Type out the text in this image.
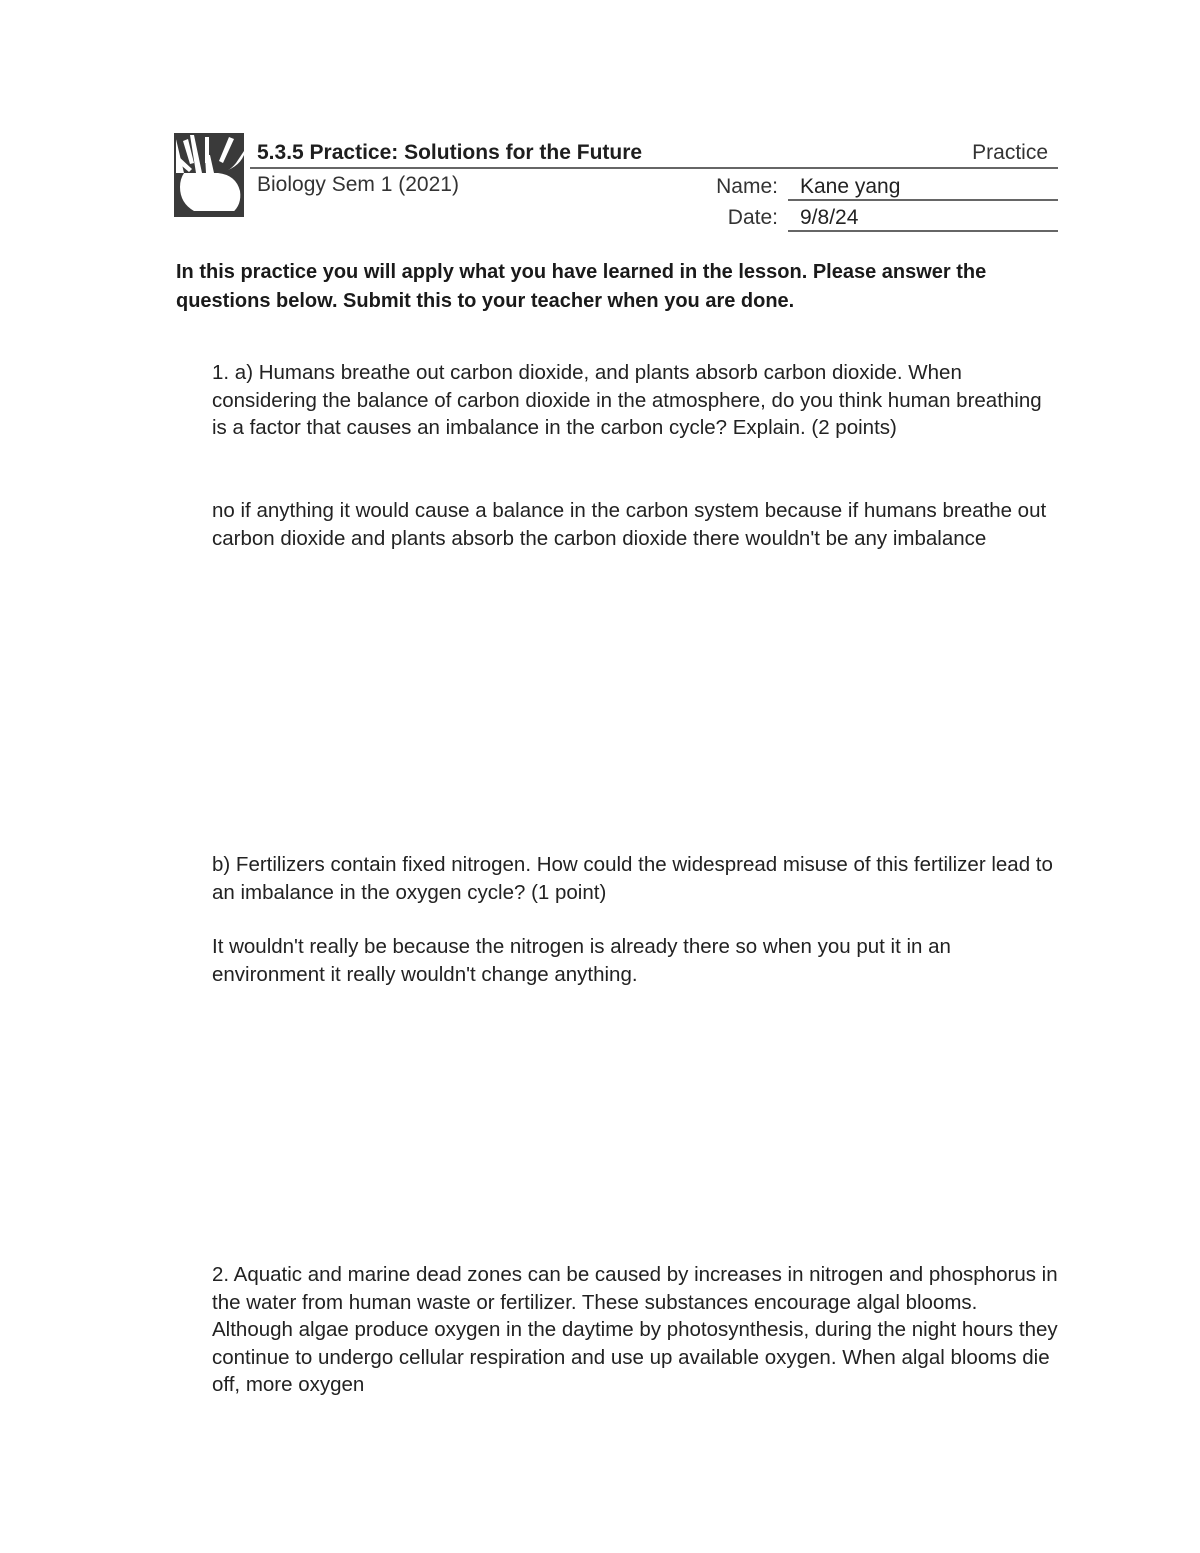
5.3.5 Practice: Solutions for the Future	Practice
Biology Sem 1 (2021)	Name: Kane yang
Date: 9/8/24
In this practice you will apply what you have learned in the lesson. Please answer the questions below. Submit this to your teacher when you are done.
1. a) Humans breathe out carbon dioxide, and plants absorb carbon dioxide. When considering the balance of carbon dioxide in the atmosphere, do you think human breathing is a factor that causes an imbalance in the carbon cycle? Explain. (2 points)
no if anything it would cause a balance in the carbon system because if humans breathe out carbon dioxide and plants absorb the carbon dioxide there wouldn't be any imbalance
b) Fertilizers contain fixed nitrogen. How could the widespread misuse of this fertilizer lead to an imbalance in the oxygen cycle? (1 point)
It wouldn't really be because the nitrogen is already there so when you put it in an environment it really wouldn't change anything.
2. Aquatic and marine dead zones can be caused by increases in nitrogen and phosphorus in the water from human waste or fertilizer. These substances encourage algal blooms. Although algae produce oxygen in the daytime by photosynthesis, during the night hours they continue to undergo cellular respiration and use up available oxygen. When algal blooms die off, more oxygen
